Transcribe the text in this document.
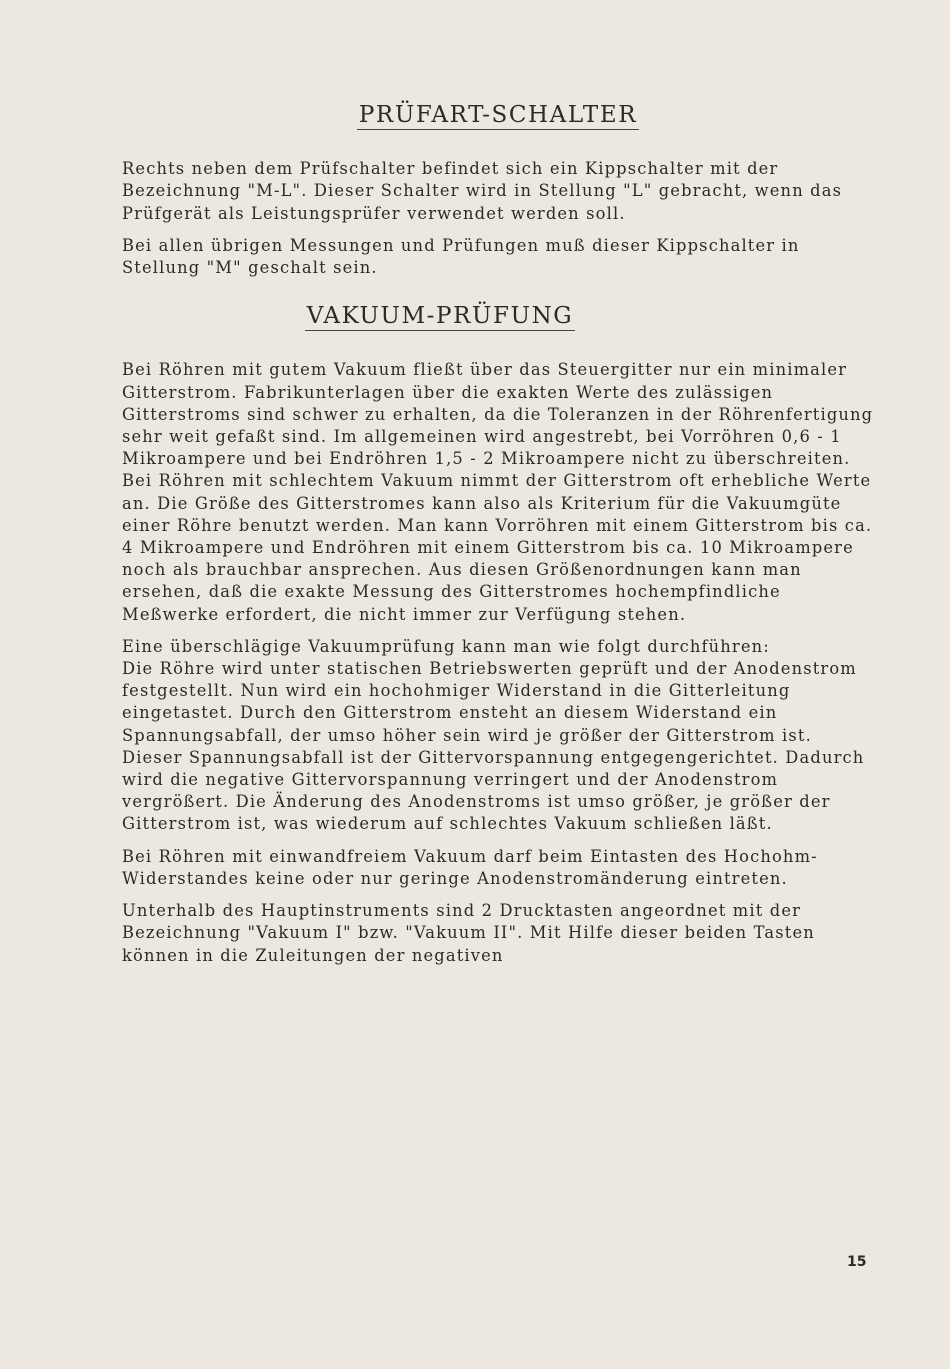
PRÜFART-SCHALTER

Rechts neben dem Prüfschalter befindet sich ein Kippschalter mit der Bezeichnung "M-L". Dieser Schalter wird in Stellung "L" gebracht, wenn das Prüfgerät als Leistungsprüfer verwendet werden soll.

Bei allen übrigen Messungen und Prüfungen muß dieser Kippschalter in Stellung "M" geschalt sein.

VAKUUM-PRÜFUNG

Bei Röhren mit gutem Vakuum fließt über das Steuergitter nur ein minimaler Gitterstrom. Fabrikunterlagen über die exakten Werte des zulässigen Gitterstroms sind schwer zu erhalten, da die Toleranzen in der Röhrenfertigung sehr weit gefaßt sind. Im allgemeinen wird angestrebt, bei Vorröhren 0,6 - 1 Mikroampere und bei Endröhren 1,5 - 2 Mikroampere nicht zu überschreiten.

Bei Röhren mit schlechtem Vakuum nimmt der Gitterstrom oft erhebliche Werte an. Die Größe des Gitterstromes kann also als Kriterium für die Vakuumgüte einer Röhre benutzt werden. Man kann Vorröhren mit einem Gitterstrom bis ca. 4 Mikroampere und Endröhren mit einem Gitterstrom bis ca. 10 Mikroampere noch als brauchbar ansprechen. Aus diesen Größenordnungen kann man ersehen, daß die exakte Messung des Gitterstromes hochempfindliche Meßwerke erfordert, die nicht immer zur Verfügung stehen.

Eine überschlägige Vakuumprüfung kann man wie folgt durchführen:

Die Röhre wird unter statischen Betriebswerten geprüft und der Anodenstrom festgestellt. Nun wird ein hochohmiger Widerstand in die Gitterleitung eingetastet. Durch den Gitterstrom ensteht an diesem Widerstand ein Spannungsabfall, der umso höher sein wird je größer der Gitterstrom ist. Dieser Spannungsabfall ist der Gittervorspannung entgegengerichtet. Dadurch wird die negative Gittervorspannung verringert und der Anodenstrom vergrößert. Die Änderung des Anodenstroms ist umso größer, je größer der Gitterstrom ist, was wiederum auf schlechtes Vakuum schließen läßt.

Bei Röhren mit einwandfreiem Vakuum darf beim Eintasten des Hochohm-Widerstandes keine oder nur geringe Anodenstromänderung eintreten.

Unterhalb des Hauptinstruments sind 2 Drucktasten angeordnet mit der Bezeichnung "Vakuum I" bzw. "Vakuum II". Mit Hilfe dieser beiden Tasten können in die Zuleitungen der negativen

15
